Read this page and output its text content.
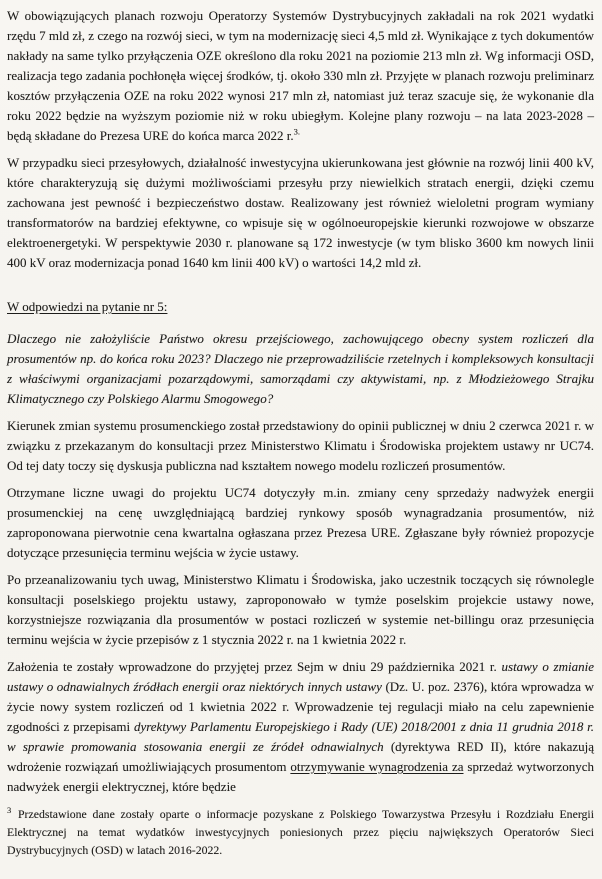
W obowiązujących planach rozwoju Operatorzy Systemów Dystrybucyjnych zakładali na rok 2021 wydatki rzędu 7 mld zł, z czego na rozwój sieci, w tym na modernizację sieci 4,5 mld zł. Wynikające z tych dokumentów nakłady na same tylko przyłączenia OZE określono dla roku 2021 na poziomie 213 mln zł. Wg informacji OSD, realizacja tego zadania pochłonęła więcej środków, tj. około 330 mln zł. Przyjęte w planach rozwoju preliminarz kosztów przyłączenia OZE na roku 2022 wynosi 217 mln zł, natomiast już teraz szacuje się, że wykonanie dla roku 2022 będzie na wyższym poziomie niż w roku ubiegłym. Kolejne plany rozwoju – na lata 2023-2028 – będą składane do Prezesa URE do końca marca 2022 r.$^{3.}$

W przypadku sieci przesyłowych, działalność inwestycyjna ukierunkowana jest głównie na rozwój linii 400 kV, które charakteryzują się dużymi możliwościami przesyłu przy niewielkich stratach energii, dzięki czemu zachowana jest pewność i bezpieczeństwo dostaw. Realizowany jest również wieloletni program wymiany transformatorów na bardziej efektywne, co wpisuje się w ogólnoeuropejskie kierunki rozwojowe w obszarze elektroenergetyki. W perspektywie 2030 r. planowane są 172 inwestycje (w tym blisko 3600 km nowych linii 400 kV oraz modernizacja ponad 1640 km linii 400 kV) o wartości 14,2 mld zł.

W odpowiedzi na pytanie nr 5:

Dlaczego nie założyliście Państwo okresu przejściowego, zachowującego obecny system rozliczeń dla prosumentów np. do końca roku 2023? Dlaczego nie przeprowadziliście rzetelnych i kompleksowych konsultacji z właściwymi organizacjami pozarządowymi, samorządami czy aktywistami, np. z Młodzieżowego Strajku Klimatycznego czy Polskiego Alarmu Smogowego?

Kierunek zmian systemu prosumenckiego został przedstawiony do opinii publicznej w dniu 2 czerwca 2021 r. w związku z przekazanym do konsultacji przez Ministerstwo Klimatu i Środowiska projektem ustawy nr UC74. Od tej daty toczy się dyskusja publiczna nad kształtem nowego modelu rozliczeń prosumentów.

Otrzymane liczne uwagi do projektu UC74 dotyczyły m.in. zmiany ceny sprzedaży nadwyżek energii prosumenckiej na cenę uwzględniającą bardziej rynkowy sposób wynagradzania prosumentów, niż zaproponowana pierwotnie cena kwartalna ogłaszana przez Prezesa URE. Zgłaszane były również propozycje dotyczące przesunięcia terminu wejścia w życie ustawy.

Po przeanalizowaniu tych uwag, Ministerstwo Klimatu i Środowiska, jako uczestnik toczących się równolegle konsultacji poselskiego projektu ustawy, zaproponowało w tymże poselskim projekcie ustawy nowe, korzystniejsze rozwiązania dla prosumentów w postaci rozliczeń w systemie net-billingu oraz przesunięcia terminu wejścia w życie przepisów z 1 stycznia 2022 r. na 1 kwietnia 2022 r.

Założenia te zostały wprowadzone do przyjętej przez Sejm w dniu 29 października 2021 r. ustawy o zmianie ustawy o odnawialnych źródłach energii oraz niektórych innych ustawy (Dz. U. poz. 2376), która wprowadza w życie nowy system rozliczeń od 1 kwietnia 2022 r. Wprowadzenie tej regulacji miało na celu zapewnienie zgodności z przepisami dyrektywy Parlamentu Europejskiego i Rady (UE) 2018/2001 z dnia 11 grudnia 2018 r. w sprawie promowania stosowania energii ze źródeł odnawialnych (dyrektywa RED II), które nakazują wdrożenie rozwiązań umożliwiających prosumentom otrzymywanie wynagrodzenia za sprzedaż wytworzonych nadwyżek energii elektrycznej, które będzie

$^3$ Przedstawione dane zostały oparte o informacje pozyskane z Polskiego Towarzystwa Przesyłu i Rozdziału Energii Elektrycznej na temat wydatków inwestycyjnych poniesionych przez pięciu największych Operatorów Sieci Dystrybucyjnych (OSD) w latach 2016-2022.
